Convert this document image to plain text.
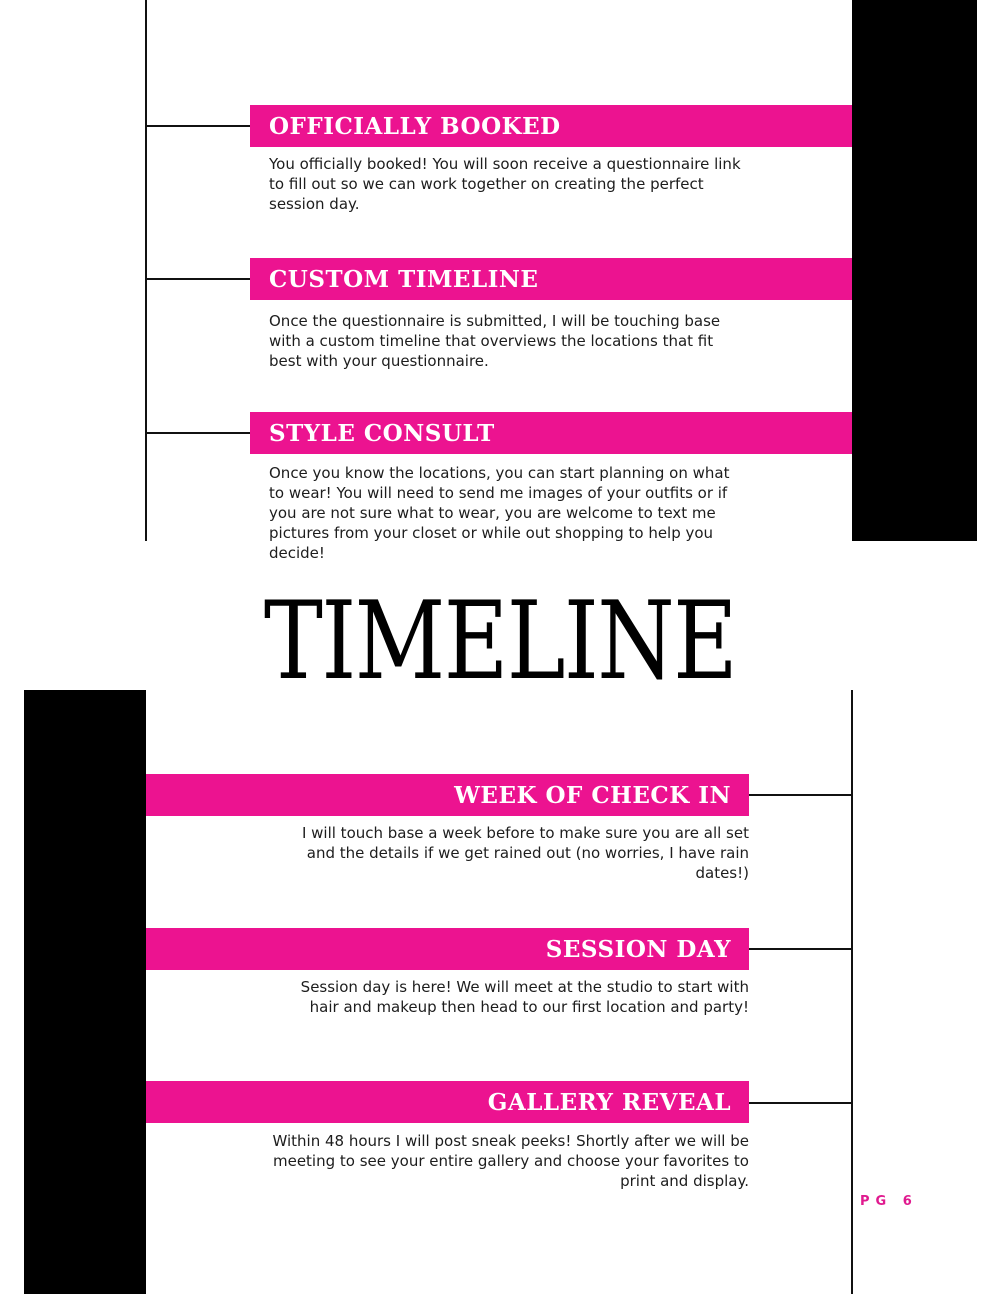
OFFICIALLY BOOKED
You officially booked! You will soon receive a questionnaire link to fill out so we can work together on creating the perfect session day.
CUSTOM TIMELINE
Once the questionnaire is submitted, I will be touching base with a custom timeline that overviews the locations that fit best with your questionnaire.
STYLE CONSULT
Once you know the locations, you can start planning on what to wear! You will need to send me images of your outfits or if you are not sure what to wear, you are welcome to text me pictures from your closet or while out shopping to help you decide!
TIMELINE
WEEK OF CHECK IN
I will touch base a week before to make sure you are all set and the details if we get rained out (no worries, I have rain dates!)
SESSION DAY
Session day is here! We will meet at the studio to start with hair and makeup then head to our first location and party!
GALLERY REVEAL
Within 48 hours I will post sneak peeks! Shortly after we will be meeting to see your entire gallery and choose your favorites to print and display.
PG 6
